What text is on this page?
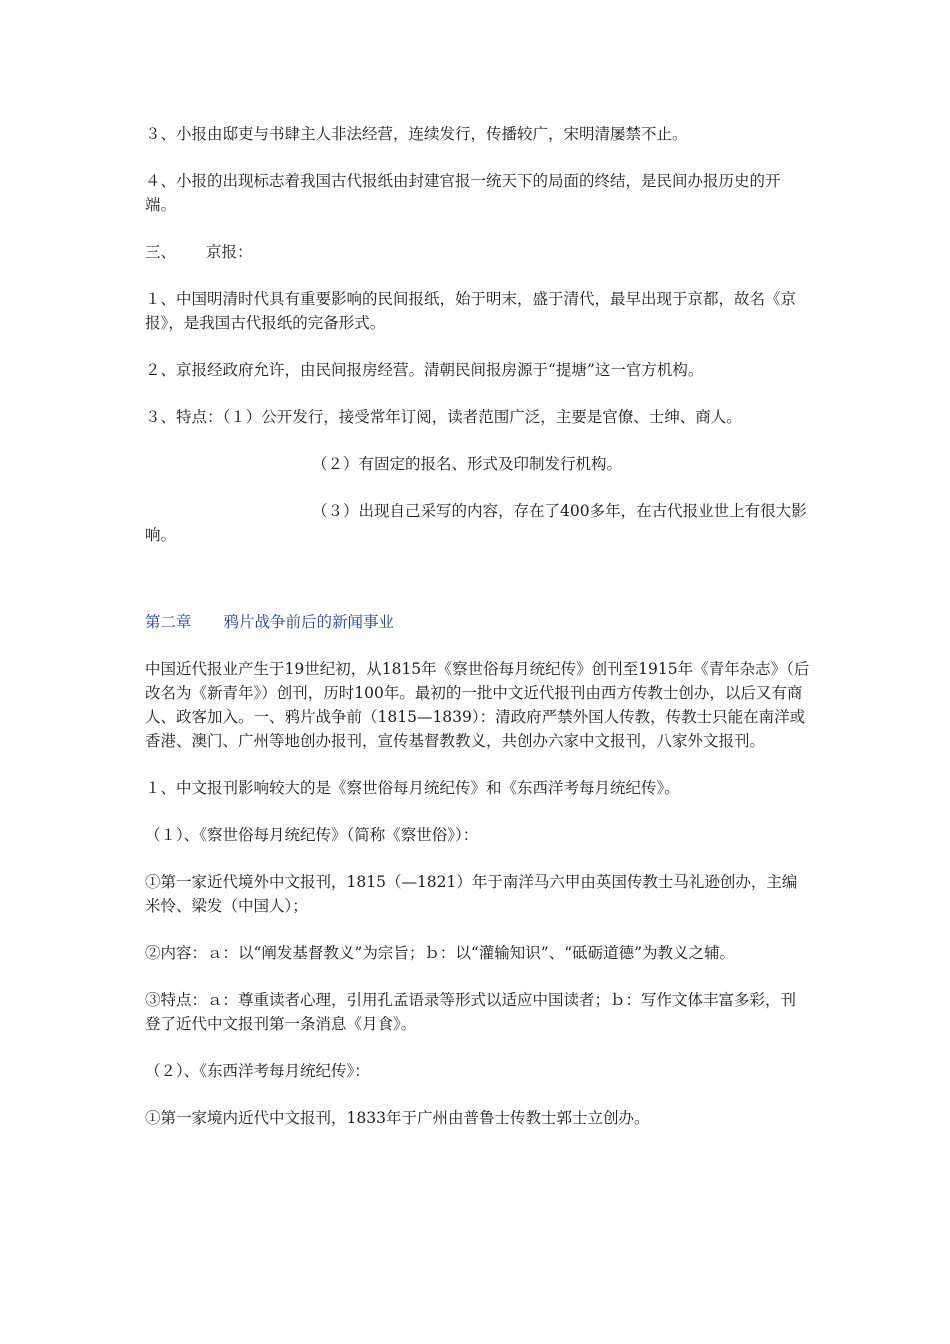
３、小报由邸吏与书肆主人非法经营，连续发行，传播较广，宋明清屡禁不止。

４、小报的出现标志着我国古代报纸由封建官报一统天下的局面的终结，是民间办报历史的开端。

三、 京报：

１、中国明清时代具有重要影响的民间报纸，始于明末，盛于清代，最早出现于京都，故名《京报》，是我国古代报纸的完备形式。

２、京报经政府允许，由民间报房经营。清朝民间报房源于“提塘”这一官方机构。

３、特点：（１）公开发行，接受常年订阅，读者范围广泛，主要是官僚、士绅、商人。

（２）有固定的报名、形式及印制发行机构。

（３）出现自己采写的内容，存在了400多年，在古代报业世上有很大影响。

第二章 鸦片战争前后的新闻事业

中国近代报业产生于19世纪初，从1815年《察世俗每月统纪传》创刊至1915年《青年杂志》（后改名为《新青年》）创刊，历时100年。最初的一批中文近代报刊由西方传教士创办，以后又有商人、政客加入。一、鸦片战争前（1815—1839）：清政府严禁外国人传教，传教士只能在南洋或香港、澳门、广州等地创办报刊，宣传基督教教义，共创办六家中文报刊，八家外文报刊。

１、中文报刊影响较大的是《察世俗每月统纪传》和《东西洋考每月统纪传》。

（１）、《察世俗每月统纪传》（简称《察世俗》）：

①第一家近代境外中文报刊，1815（—1821）年于南洋马六甲由英国传教士马礼逊创办，主编米怜、梁发（中国人）；

②内容：ａ：以“阐发基督教义”为宗旨；ｂ：以“灌输知识”、“砥砺道德”为教义之辅。

③特点：ａ：尊重读者心理，引用孔孟语录等形式以适应中国读者；ｂ：写作文体丰富多彩，刊登了近代中文报刊第一条消息《月食》。

（２）、《东西洋考每月统纪传》：

①第一家境内近代中文报刊，1833年于广州由普鲁士传教士郭士立创办。
